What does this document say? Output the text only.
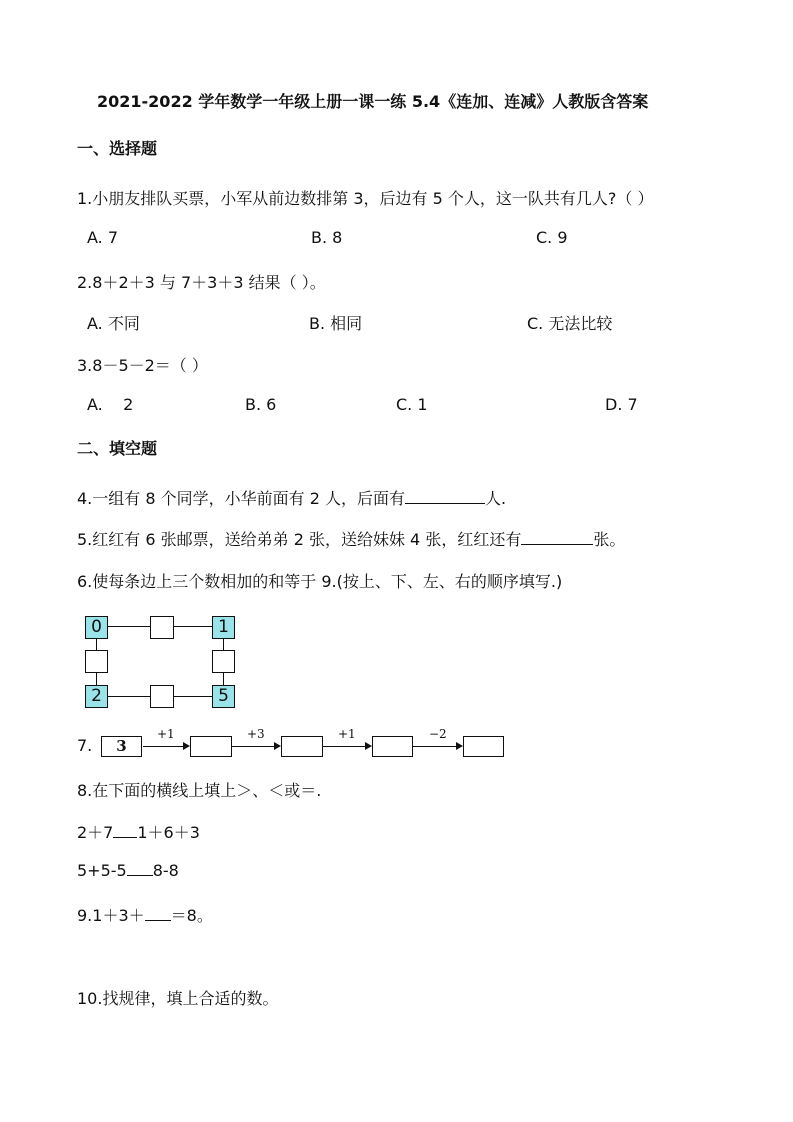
2021-2022 学年数学一年级上册一课一练 5.4《连加、连减》人教版含答案
一、选择题
1.小朋友排队买票，小军从前边数排第 3，后边有 5 个人，这一队共有几人?（ ）
A. 7	B. 8	C. 9
2.8＋2＋3 与 7＋3＋3 结果（ ）。
A. 不同	B. 相同	C. 无法比较
3.8－5－2＝（ ）
A.    2	B. 6	C. 1	D. 7
二、填空题
4.一组有 8 个同学，小华前面有 2 人，后面有	人.
5.红红有 6 张邮票，送给弟弟 2 张，送给妹妹 4 张，红红还有	张。
6.使每条边上三个数相加的和等于 9.(按上、下、左、右的顺序填写.)
0	1
2	5
7.	3
+1	+3	+1	−2
8.在下面的横线上填上＞、＜或＝.
2＋7 1＋6＋3
5+5-5 8-8
9.1＋3＋ ＝8。
10.找规律，填上合适的数。
